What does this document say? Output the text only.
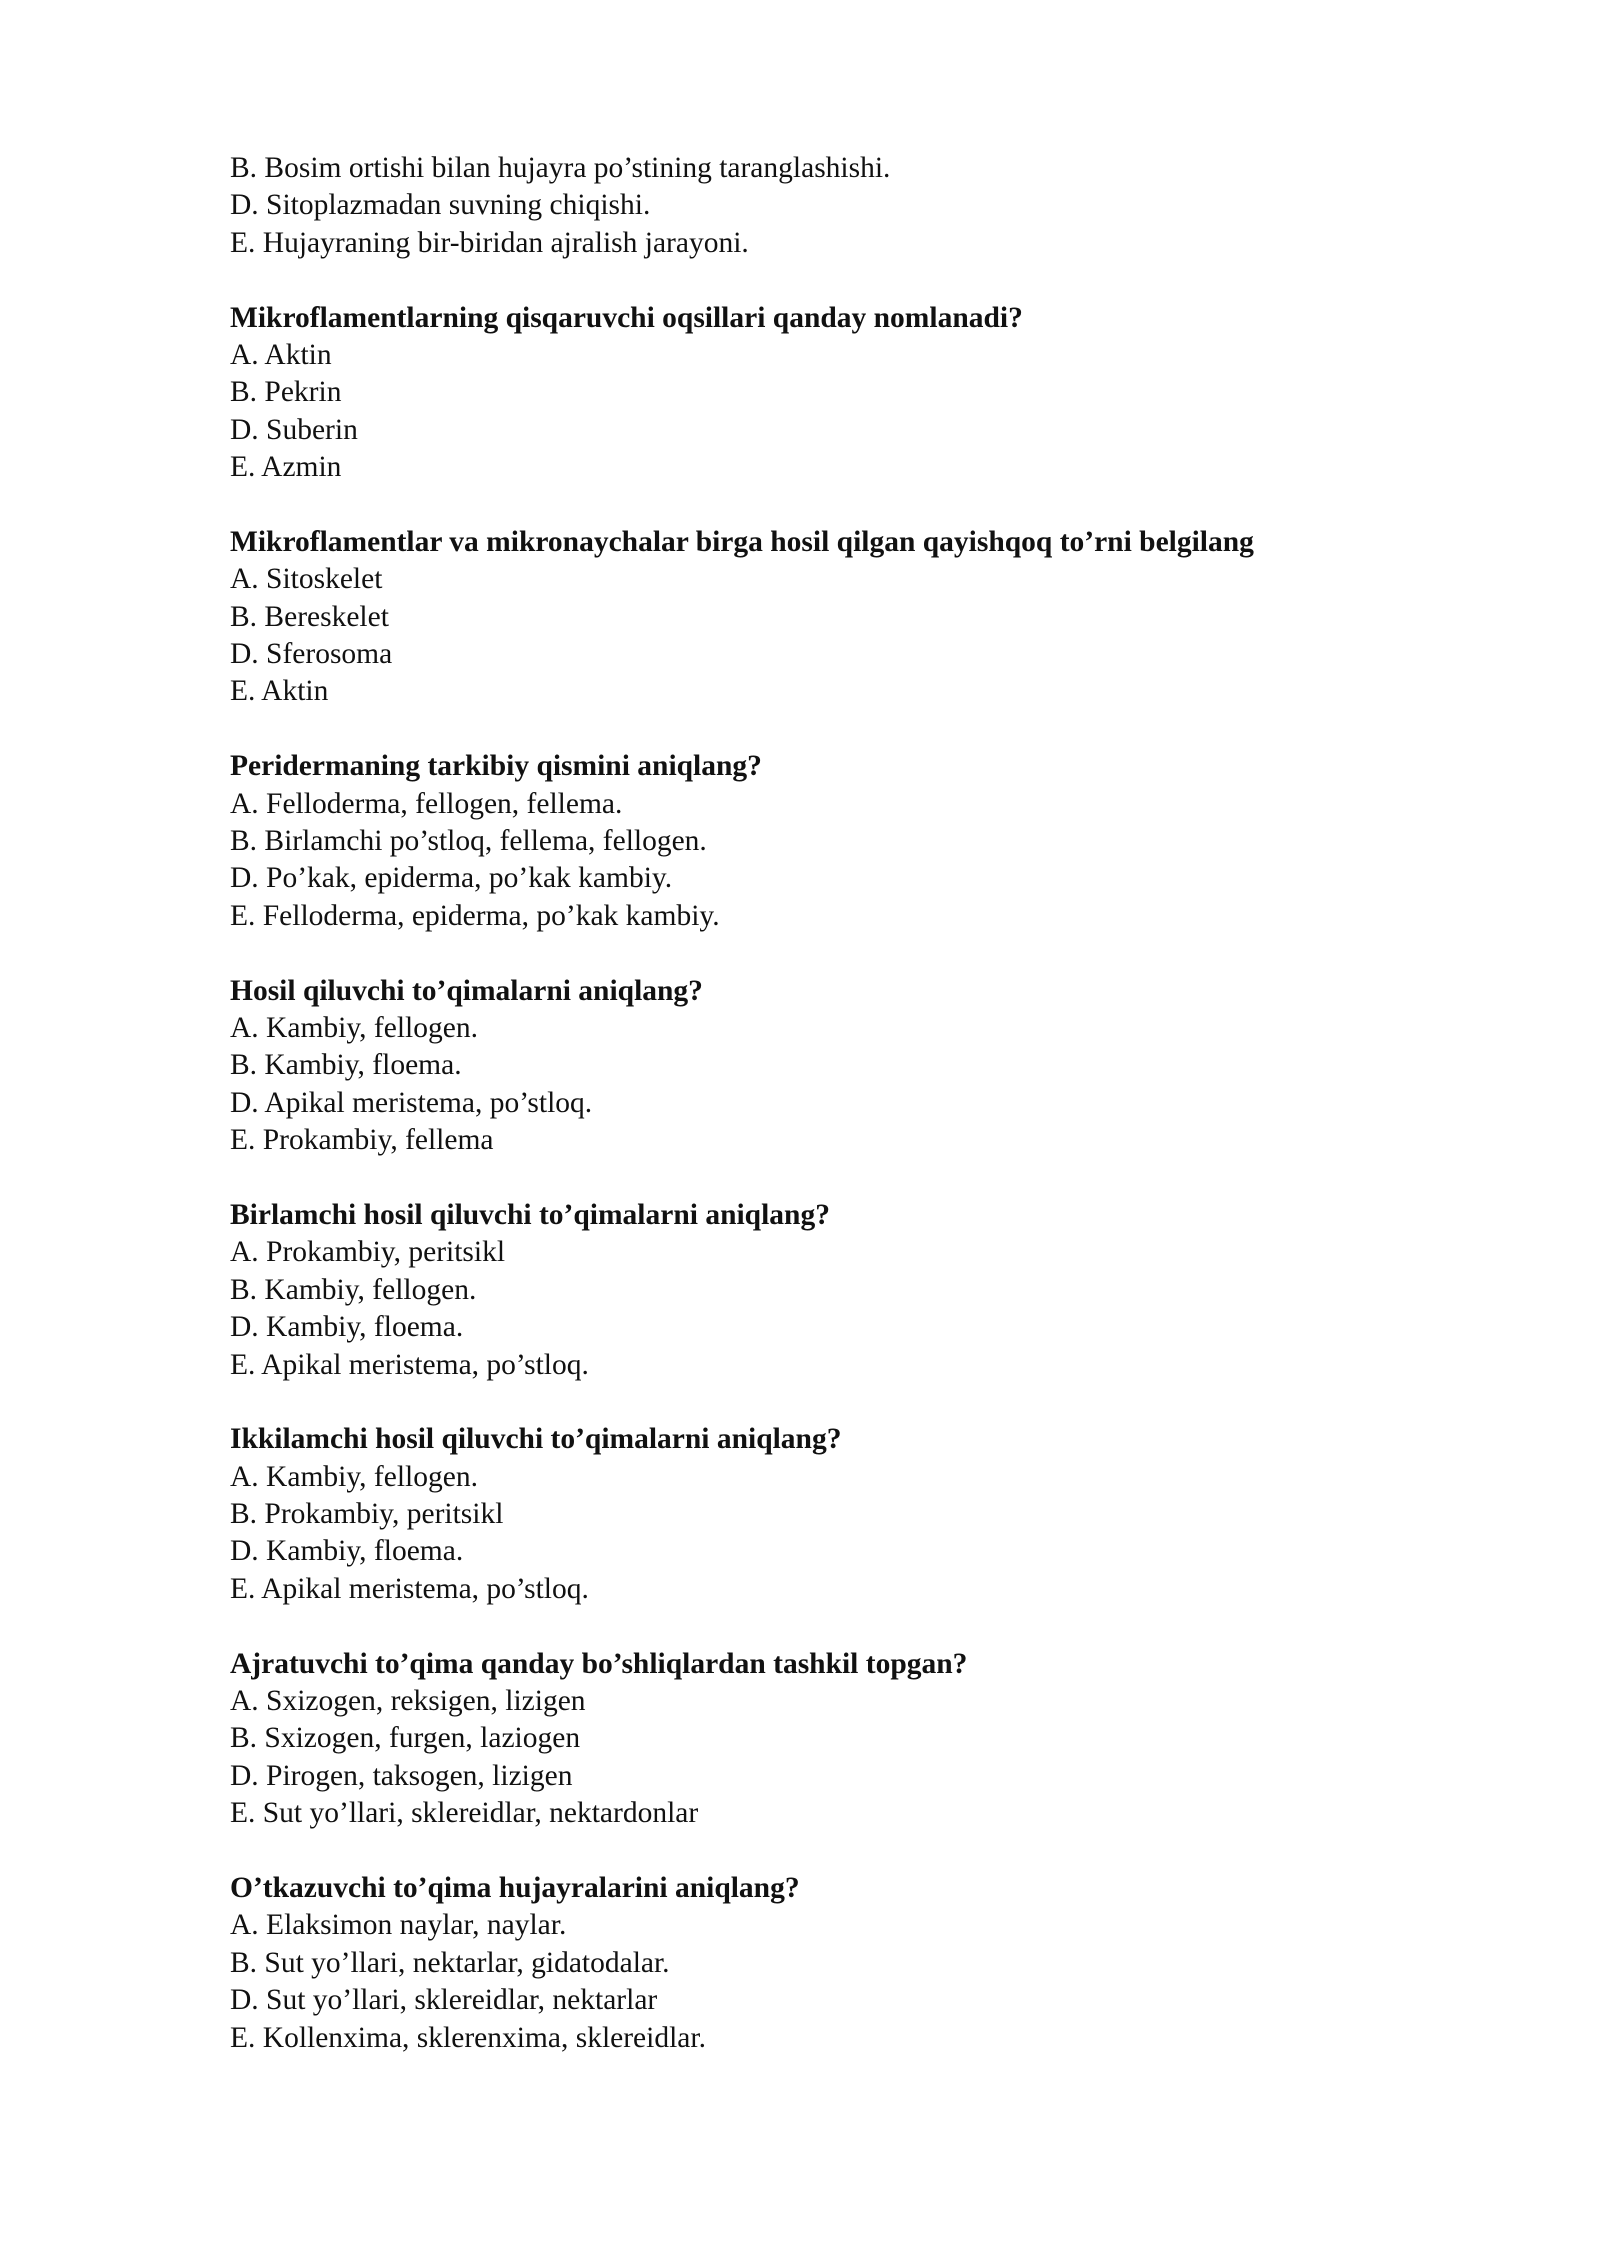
B. Bosim ortishi bilan hujayra po’stining taranglashishi.
D. Sitoplazmadan suvning chiqishi.
E. Hujayraning bir-biridan ajralish jarayoni.
Mikroflamentlarning qisqaruvchi oqsillari qanday nomlanadi?
A. Aktin
B. Pekrin
D. Suberin
E. Azmin
Mikroflamentlar va mikronaychalar birga hosil qilgan qayishqoq to’rni belgilang
A. Sitoskelet
B. Bereskelet
D. Sferosoma
E. Aktin
Peridermaning tarkibiy qismini aniqlang?
A. Felloderma, fellogen, fellema.
B. Birlamchi po’stloq, fellema, fellogen.
D. Po’kak, epiderma, po’kak kambiy.
E. Felloderma, epiderma, po’kak kambiy.
Hosil qiluvchi to’qimalarni aniqlang?
A. Kambiy, fellogen.
B. Kambiy, floema.
D. Apikal meristema, po’stloq.
E. Prokambiy, fellema
Birlamchi hosil qiluvchi to’qimalarni aniqlang?
A. Prokambiy, peritsikl
B. Kambiy, fellogen.
D. Kambiy, floema.
E. Apikal meristema, po’stloq.
Ikkilamchi hosil qiluvchi to’qimalarni aniqlang?
A. Kambiy, fellogen.
B. Prokambiy, peritsikl
D. Kambiy, floema.
E. Apikal meristema, po’stloq.
Ajratuvchi to’qima qanday bo’shliqlardan tashkil topgan?
A. Sxizogen, reksigen, lizigen
B. Sxizogen, furgen, laziogen
D. Pirogen, taksogen, lizigen
E. Sut yo’llari, sklereidlar, nektardonlar
O’tkazuvchi to’qima hujayralarini aniqlang?
A. Elaksimon naylar, naylar.
B. Sut yo’llari, nektarlar, gidatodalar.
D. Sut yo’llari, sklereidlar, nektarlar
E. Kollenxima, sklerenxima, sklereidlar.
